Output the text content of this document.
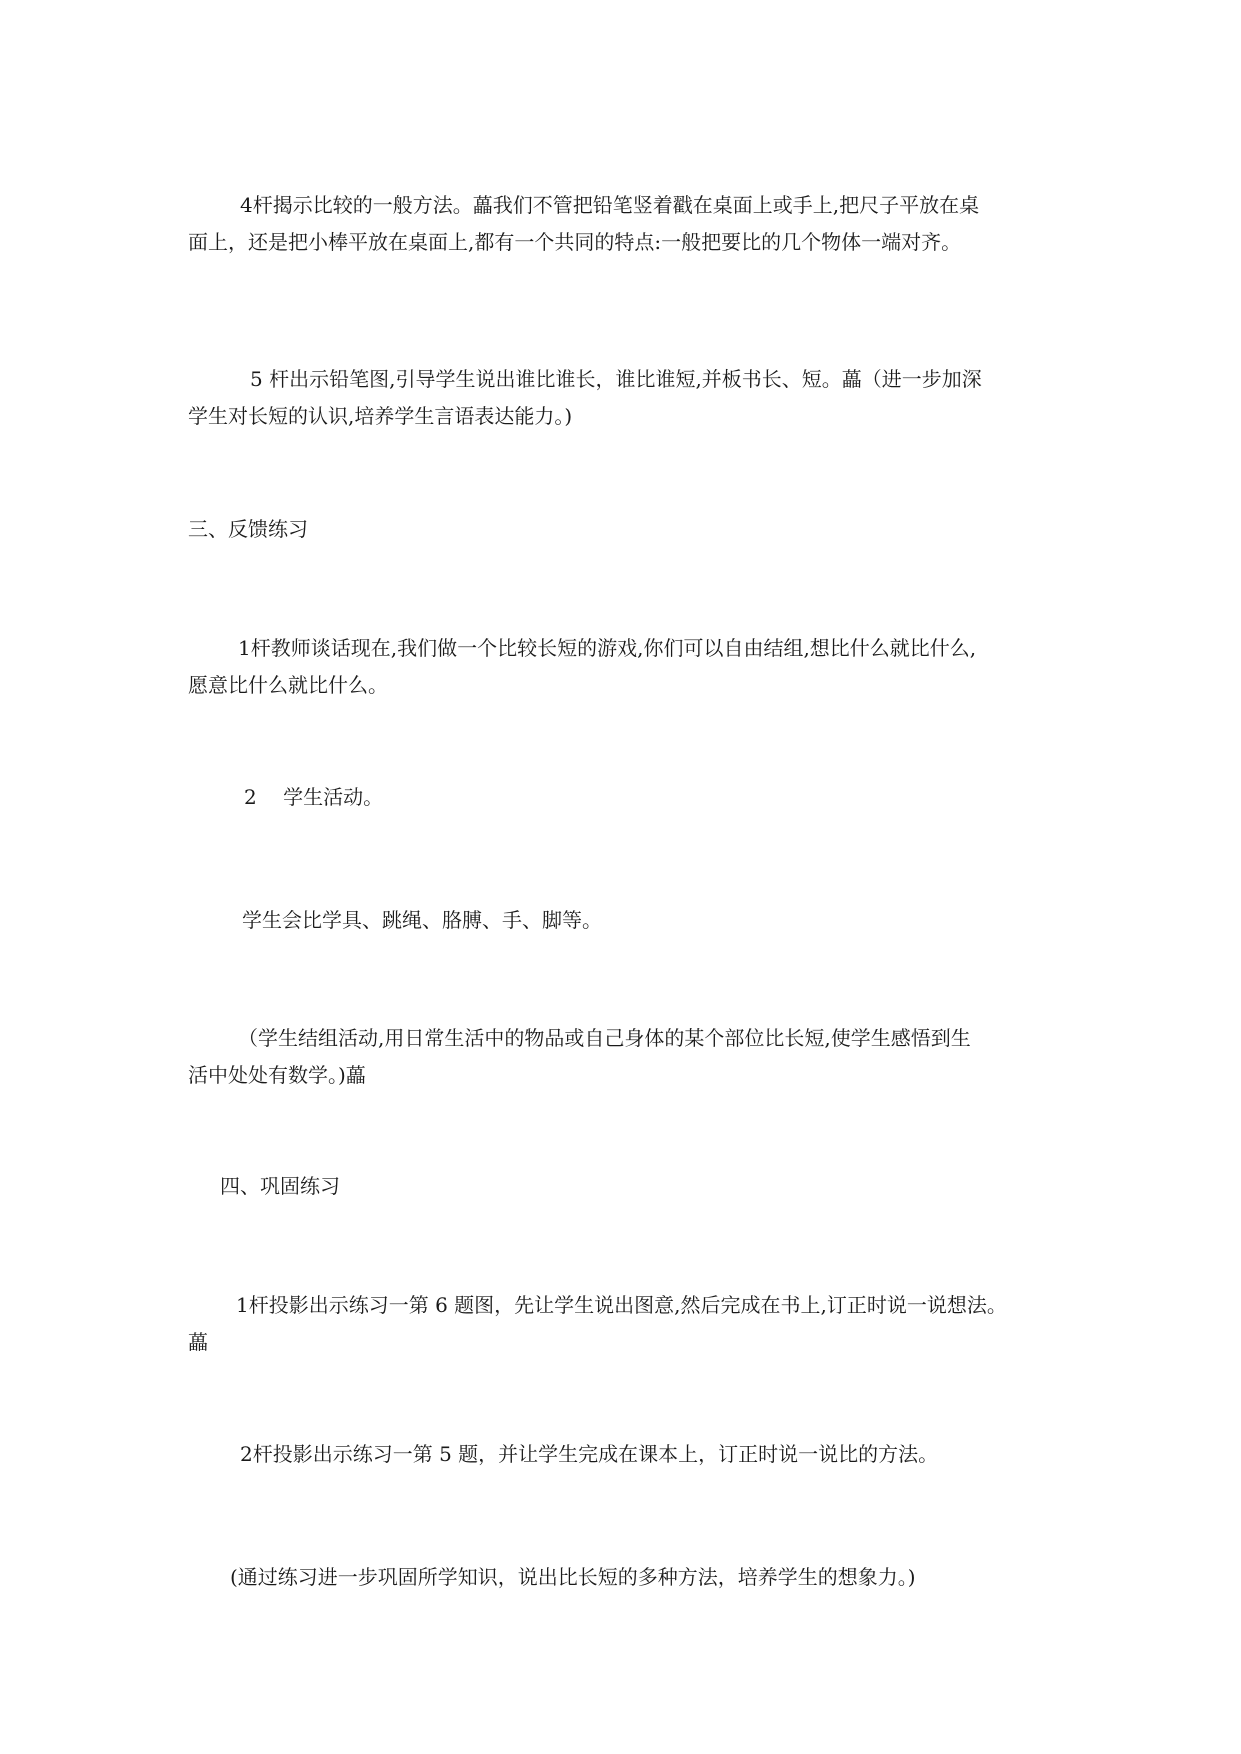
4杆揭示比较的一般方法。藟我们不管把铅笔竖着戳在桌面上或手上,把尺子平放在桌
面上，还是把小棒平放在桌面上,都有一个共同的特点:一般把要比的几个物体一端对齐。
5 杆出示铅笔图,引导学生说出谁比谁长，谁比谁短,并板书长、短。藟（进一步加深
学生对长短的认识,培养学生言语表达能力。)
三、反馈练习
1杆教师谈话现在,我们做一个比较长短的游戏,你们可以自由结组,想比什么就比什么,
愿意比什么就比什么。
2　 学生活动。
学生会比学具、跳绳、胳膊、手、脚等。
（学生结组活动,用日常生活中的物品或自己身体的某个部位比长短,使学生感悟到生
活中处处有数学。)藟
四、巩固练习
1杆投影出示练习一第 6 题图，先让学生说出图意,然后完成在书上,订正时说一说想法。
藟
2杆投影出示练习一第 5 题，并让学生完成在课本上，订正时说一说比的方法。
(通过练习进一步巩固所学知识，说出比长短的多种方法，培养学生的想象力。)
